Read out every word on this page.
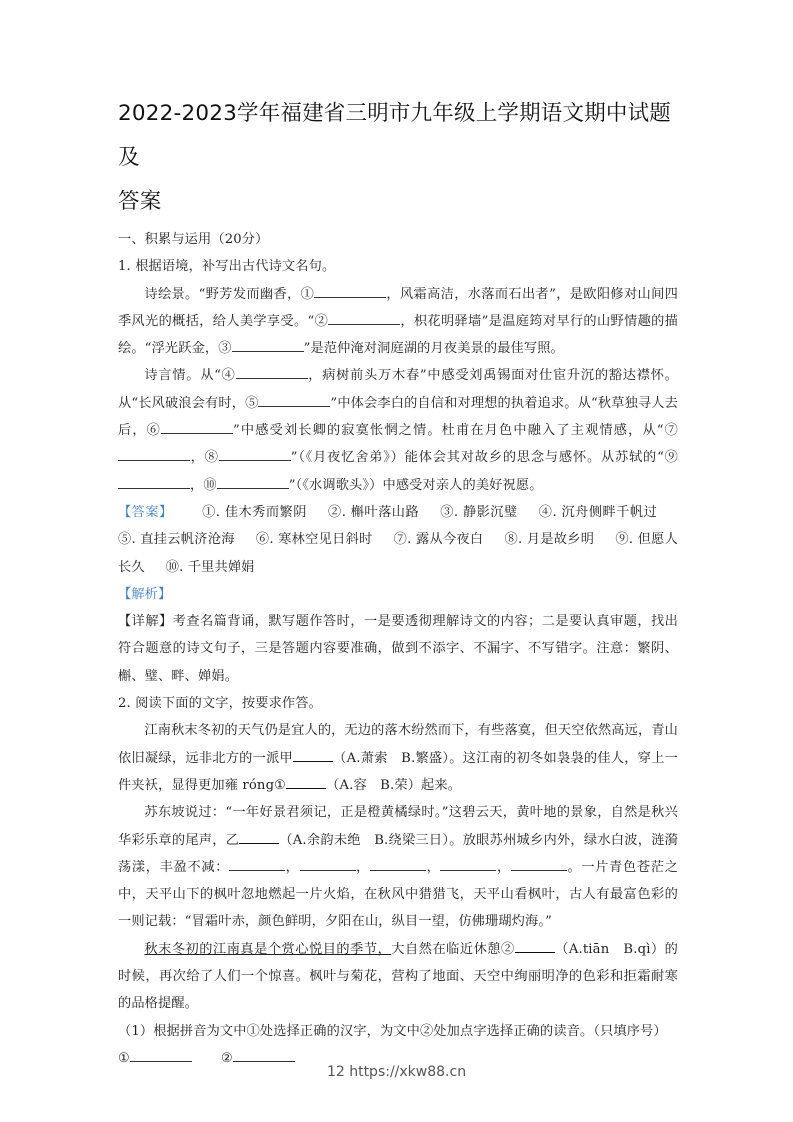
2022-2023学年福建省三明市九年级上学期语文期中试题及
答案

一、积累与运用（20分）

1. 根据语境，补写出古代诗文名句。

诗绘景。“野芳发而幽香，①	，风霜高洁，水落而石出者”，是欧阳修对山间四季风光的概括，给人美学享受。“②	，枳花明驿墙”是温庭筠对早行的山野情趣的描绘。“浮光跃金，③	”是范仲淹对洞庭湖的月夜美景的最佳写照。

诗言情。从“④	，病树前头万木春”中感受刘禹锡面对仕宦升沉的豁达襟怀。从“长风破浪会有时，⑤	”中体会李白的自信和对理想的执着追求。从“秋草独寻人去后，⑥	”中感受刘长卿的寂寞怅惘之情。杜甫在月色中融入了主观情感，从“⑦，⑧	”（《月夜忆舍弟》）能体会其对故乡的思念与感怀。从苏轼的“⑨，⑩	”（《水调歌头》）中感受对亲人的美好祝愿。

【答案】 ①. 佳木秀而繁阴 ②. 槲叶落山路 ③. 静影沉璧 ④. 沉舟侧畔千帆过⑤. 直挂云帆济沧海 ⑥. 寒林空见日斜时 ⑦. 露从今夜白 ⑧. 月是故乡明 ⑨. 但愿人长久 ⑩. 千里共婵娟

【解析】

【详解】考查名篇背诵，默写题作答时，一是要透彻理解诗文的内容；二是要认真审题，找出符合题意的诗文句子，三是答题内容要准确，做到不添字、不漏字、不写错字。注意：繁阴、槲、璧、畔、婵娟。

2. 阅读下面的文字，按要求作答。

江南秋末冬初的天气仍是宜人的，无边的落木纷然而下，有些落寞，但天空依然高远，青山依旧凝绿，远非北方的一派甲	（A.萧索　B.繁盛）。这江南的初冬如袅袅的佳人，穿上一件夹袄，显得更加雍 róng①	（A.容　B.荣）起来。

苏东坡说过：“一年好景君须记，正是橙黄橘绿时。”这碧云天，黄叶地的景象，自然是秋兴华彩乐章的尾声，乙	（A.余韵未绝　B.绕梁三日）。放眼苏州城乡内外，绿水白波，涟漪荡漾，丰盈不减：	，	，	，	，	。一片青色苍茫之中，天平山下的枫叶忽地燃起一片火焰，在秋风中猎猎飞，天平山看枫叶，古人有最富色彩的一则记载：“冒霜叶赤，颜色鲜明，夕阳在山，纵目一望，仿佛珊瑚灼海。”

秋末冬初的江南真是个赏心悦目的季节，大自然在临近休憩②	（A.tiān　B.qì）的时候，再次给了人们一个惊喜。枫叶与菊花，营构了地面、天空中绚丽明净的色彩和拒霜耐寒的品格提醒。

（1）根据拼音为文中①处选择正确的汉字，为文中②处加点字选择正确的读音。（只填序号）

①	②

12 https://xkw88.cn
